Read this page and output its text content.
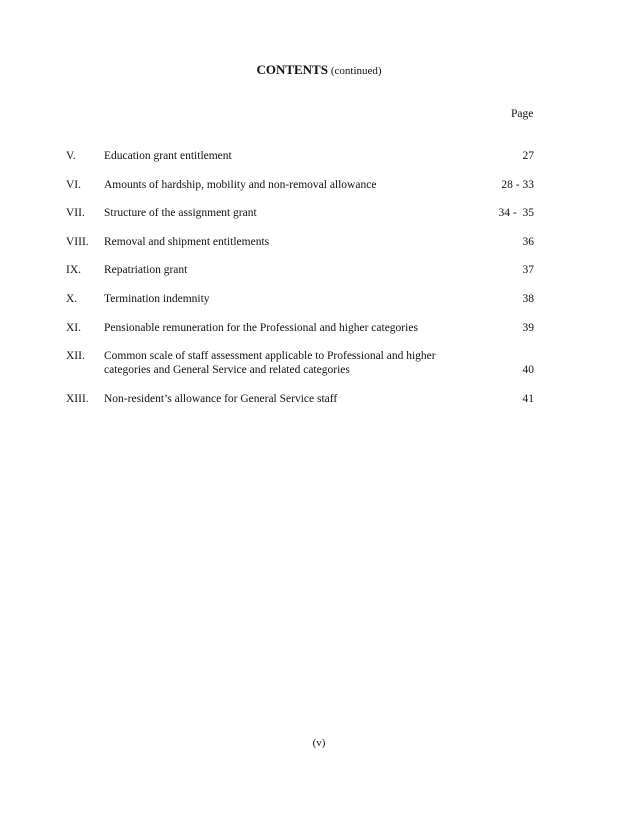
CONTENTS (continued)
Page
V.	Education grant entitlement	27
VI.	Amounts of hardship, mobility and non-removal allowance	28 - 33
VII.	Structure of the assignment grant	34 -  35
VIII.	Removal and shipment entitlements	36
IX.	Repatriation grant	37
X.	Termination indemnity	38
XI.	Pensionable remuneration for the Professional and higher categories	39
XII.	Common scale of staff assessment applicable to Professional and higher categories and General Service and related categories	40
XIII.	Non-resident’s allowance for General Service staff	41
(v)
